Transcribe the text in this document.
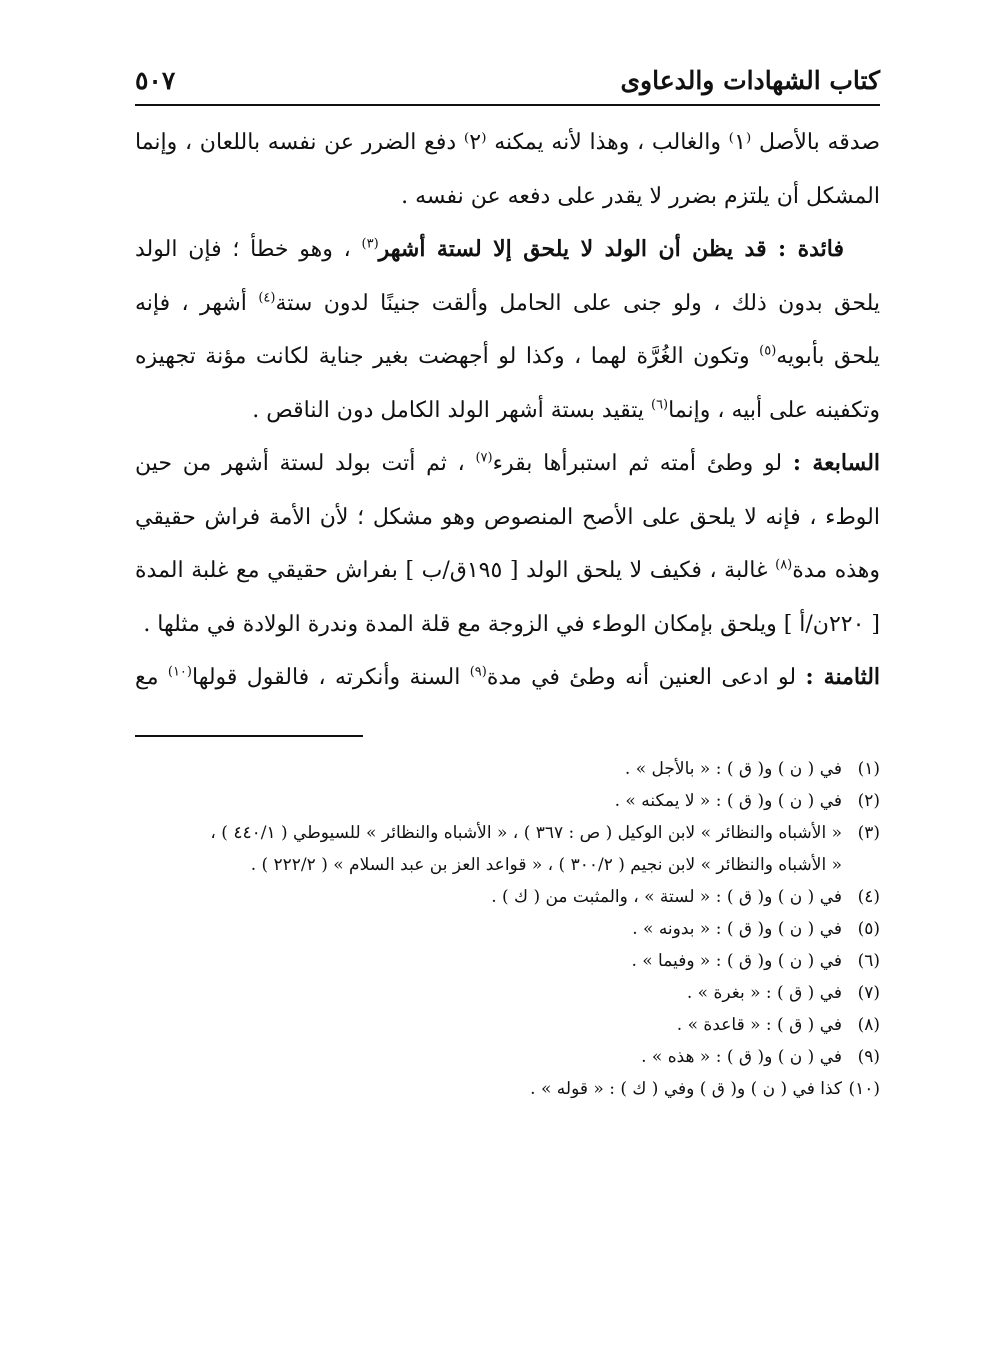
كتاب الشهادات والدعاوى
٥٠٧
صدقه بالأصل ⁽١⁾ والغالب ، وهذا لأنه يمكنه ⁽٢⁾ دفع الضرر عن نفسه باللعان ، وإنما
المشكل أن يلتزم بضرر لا يقدر على دفعه عن نفسه .
فائدة : قد يظن أن الولد لا يلحق إلا لستة أشهر$^{(٣)}$ ، وهو خطأ ؛ فإن الولد
يلحق بدون ذلك ، ولو جنى على الحامل وألقت جنينًا لدون ستة$^{(٤)}$ أشهر ، فإنه
يلحق بأبويه$^{(٥)}$ وتكون الغُرَّة لهما ، وكذا لو أجهضت بغير جناية لكانت مؤنة تجهيزه
وتكفينه على أبيه ، وإنما$^{(٦)}$ يتقيد بستة أشهر الولد الكامل دون الناقص .
السابعة : لو وطئ أمته ثم استبرأها بقرء$^{(٧)}$ ، ثم أتت بولد لستة أشهر من حين
الوطء ، فإنه لا يلحق على الأصح المنصوص وهو مشكل ؛ لأن الأمة فراش حقيقي
وهذه مدة$^{(٨)}$ غالبة ، فكيف لا يلحق الولد [ ١٩٥ق/ب ] بفراش حقيقي مع غلبة المدة
[ ٢٢٠ن/أ ] ويلحق بإمكان الوطء في الزوجة مع قلة المدة وندرة الولادة في مثلها .
الثامنة : لو ادعى العنين أنه وطئ في مدة$^{(٩)}$ السنة وأنكرته ، فالقول قولها$^{(١٠)}$ مع
(١)
في ( ن ) و( ق ) : « بالأجل » .
(٢)
في ( ن ) و( ق ) : « لا يمكنه » .
(٣)
« الأشباه والنظائر » لابن الوكيل ( ص : ٣٦٧ ) ، « الأشباه والنظائر » للسيوطي ( ٤٤٠/١ ) ،
« الأشباه والنظائر » لابن نجيم ( ٣٠٠/٢ ) ، « قواعد العز بن عبد السلام » ( ٢٢٢/٢ ) .
(٤)
في ( ن ) و( ق ) : « لستة » ، والمثبت من ( ك ) .
(٥)
في ( ن ) و( ق ) : « بدونه » .
(٦)
في ( ن ) و( ق ) : « وفيما » .
(٧)
في ( ق ) : « بغرة » .
(٨)
في ( ق ) : « قاعدة » .
(٩)
في ( ن ) و( ق ) : « هذه » .
(١٠)
كذا في ( ن ) و( ق ) وفي ( ك ) : « قوله » .
